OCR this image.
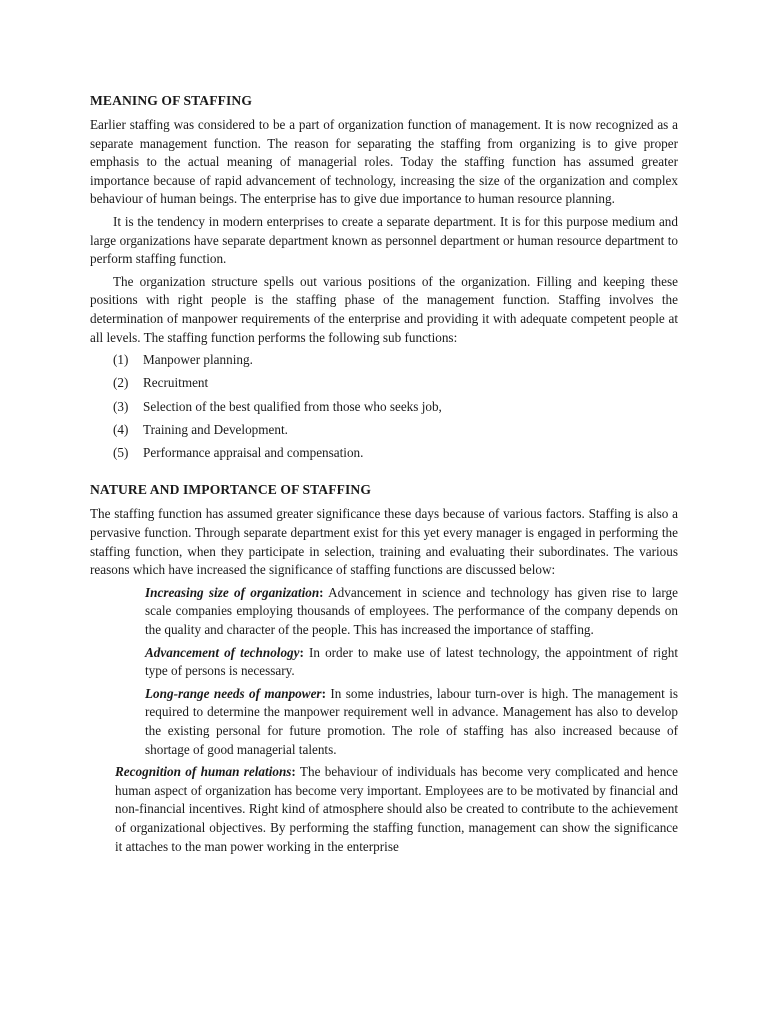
MEANING OF STAFFING

Earlier staffing was considered to be a part of organization function of management. It is now recognized as a separate management function. The reason for separating the staffing from organizing is to give proper emphasis to the actual meaning of managerial roles. Today the staffing function has assumed greater importance because of rapid advancement of technology, increasing the size of the organization and complex behaviour of human beings. The enterprise has to give due importance to human resource planning.

It is the tendency in modern enterprises to create a separate department. It is for this purpose medium and large organizations have separate department known as personnel department or human resource department to perform staffing function.

The organization structure spells out various positions of the organization. Filling and keeping these positions with right people is the staffing phase of the management function. Staffing involves the determination of manpower requirements of the enterprise and providing it with adequate competent people at all levels. The staffing function performs the following sub functions:

(1)	Manpower planning.
(2)	Recruitment
(3)	Selection of the best qualified from those who seeks job,
(4)	Training and Development.
(5)	Performance appraisal and compensation.
NATURE AND IMPORTANCE OF STAFFING

The staffing function has assumed greater significance these days because of various factors. Staffing is also a pervasive function. Through separate department exist for this yet every manager is engaged in performing the staffing function, when they participate in selection, training and evaluating their subordinates. The various reasons which have increased the significance of staffing functions are discussed below:

Increasing size of organization: Advancement in science and technology has given rise to large scale companies employing thousands of employees. The performance of the company depends on the quality and character of the people. This has increased the importance of staffing.

Advancement of technology: In order to make use of latest technology, the appointment of right type of persons is necessary.

Long-range needs of manpower: In some industries, labour turn-over is high. The management is required to determine the manpower requirement well in advance. Management has also to develop the existing personal for future promotion. The role of staffing has also increased because of shortage of good managerial talents.

Recognition of human relations: The behaviour of individuals has become very complicated and hence human aspect of organization has become very important. Employees are to be motivated by financial and non-financial incentives. Right kind of atmosphere should also be created to contribute to the achievement of organizational objectives. By performing the staffing function, management can show the significance it attaches to the man power working in the enterprise
